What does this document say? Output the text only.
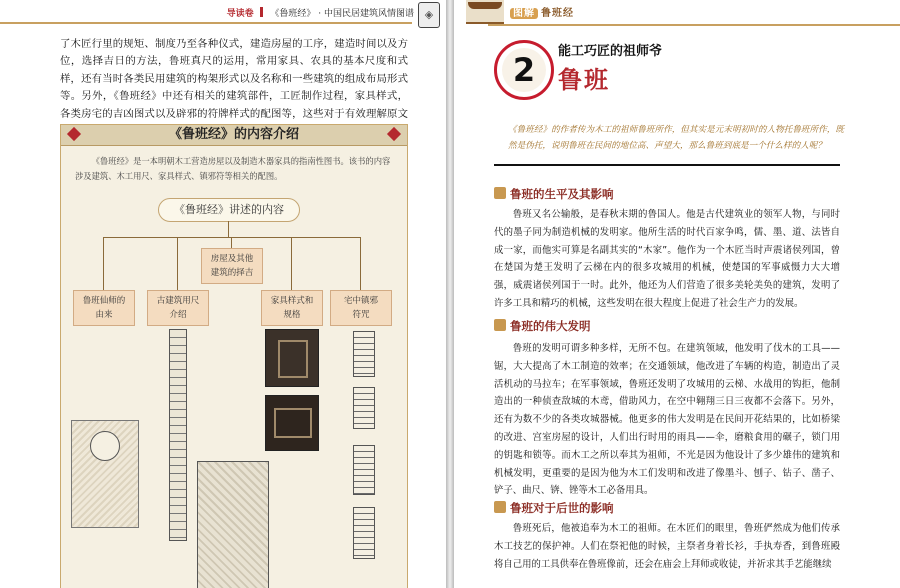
导读卷 《鲁班经》 · 中国民居建筑风情图谱 ◈

了木匠行里的规矩、制度乃至各种仪式，建造房屋的工序，建造时间以及方位，选择吉日的方法，鲁班真尺的运用，常用家具、农具的基本尺度和式样，还有当时各类民用建筑的构架形式以及名称和一些建筑的组成布局形式等。另外，《鲁班经》中还有相关的建筑部件，工匠制作过程，家具样式，各类房宅的吉凶图式以及辟邪的符牌样式的配图等，这些对于有效理解原文

《鲁班经》的内容介绍
《鲁班经》是一本明朝木工营造房屋以及制造木器家具的指南性图书。该书的内容涉及建筑、木工用尺、家具样式、镇邪符等相关的配图。
《鲁班经》讲述的内容
鲁班仙师的
由来
古建筑用尺
介绍
房屋及其他
建筑的择吉
家具样式和
规格
宅中镇邪
符咒
图解 鲁班经
2	能工巧匠的祖师爷
鲁班

《鲁班经》的作者传为木工的祖师鲁班所作，但其实是元末明初时的人物托鲁班所作，既然是伪托，说明鲁班在民间的地位高、声望大，那么鲁班到底是一个什么样的人呢？

鲁班的生平及其影响

鲁班又名公输般，是春秋末期的鲁国人。他是古代建筑业的领军人物，与同时代的墨子同为制造机械的发明家。他所生活的时代百家争鸣，儒、墨、道、法皆自成一家，而他实可算是名副其实的“木家”。他作为一个木匠当时声震诸侯列国，曾在楚国为楚王发明了云梯在内的很多攻城用的机械，使楚国的军事威慑力大大增强，威震诸侯列国于一时。此外，他还为人们营造了很多美轮美奂的建筑，发明了许多工具和精巧的机械，这些发明在很大程度上促进了社会生产力的发展。

鲁班的伟大发明

鲁班的发明可谓多种多样，无所不包。在建筑领域，他发明了伐木的工具——锯，大大提高了木工制造的效率；在交通领域，他改进了车辆的构造，制造出了灵活机动的马拉车；在军事领域，鲁班还发明了攻城用的云梯、水战用的钩拒，他制造出的一种侦查敌城的木鸢，借助风力，在空中翱翔三日三夜都不会落下。另外，还有为数不少的各类攻城器械。他更多的伟大发明是在民间开花结果的，比如桥梁的改进、宫室房屋的设计，人们出行时用的雨具——伞，磨粮食用的碾子，锁门用的钥匙和锁等。而木工之所以奉其为祖师，不光是因为他设计了多少雄伟的建筑和机械发明，更重要的是因为他为木工们发明和改进了像墨斗、刨子、钻子、凿子、铲子、曲尺、锛、锉等木工必备用具。

鲁班对于后世的影响

鲁班死后，他被追奉为木工的祖师。在木匠们的眼里，鲁班俨然成为他们传承木工技艺的保护神。人们在祭祀他的时候，主祭者身着长衫，手执寿香，到鲁班殿将自己用的工具供奉在鲁班像前，还会在庙会上拜师或收徒，并祈求其手艺能继续
